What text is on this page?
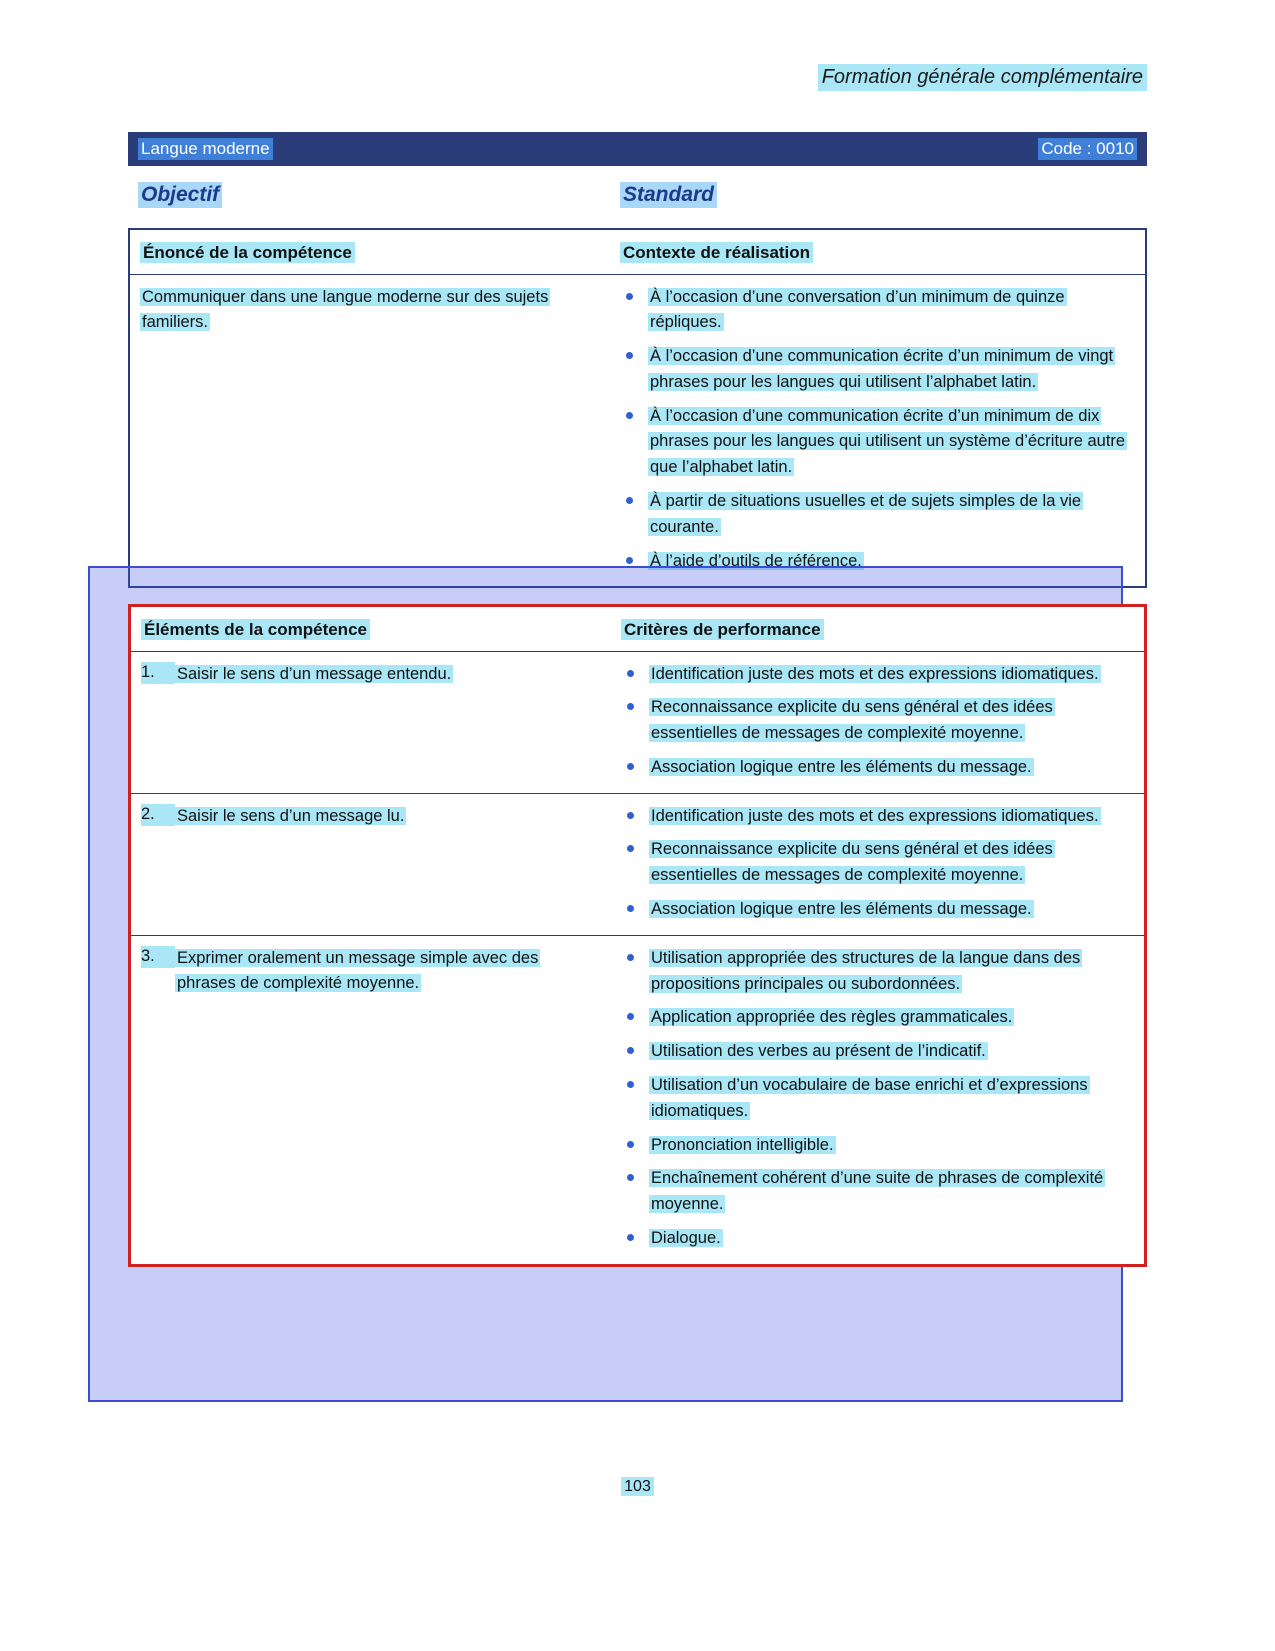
Formation générale complémentaire
Langue moderne	Code : 0010
Objectif	Standard
Énoncé de la compétence	Contexte de réalisation
Communiquer dans une langue moderne sur des sujets familiers.
À l’occasion d’une conversation d’un minimum de quinze répliques.
À l’occasion d’une communication écrite d’un minimum de vingt phrases pour les langues qui utilisent l’alphabet latin.
À l’occasion d’une communication écrite d’un minimum de dix phrases pour les langues qui utilisent un système d’écriture autre que l’alphabet latin.
À partir de situations usuelles et de sujets simples de la vie courante.
À l’aide d’outils de référence.
Éléments de la compétence	Critères de performance
1.	Saisir le sens d’un message entendu.	Identification juste des mots et des expressions idiomatiques.
Reconnaissance explicite du sens général et des idées essentielles de messages de complexité moyenne.
Association logique entre les éléments du message.
2.	Saisir le sens d’un message lu.	Identification juste des mots et des expressions idiomatiques.
Reconnaissance explicite du sens général et des idées essentielles de messages de complexité moyenne.
Association logique entre les éléments du message.
3.	Exprimer oralement un message simple avec des phrases de complexité moyenne.
Utilisation appropriée des structures de la langue dans des propositions principales ou subordonnées.
Application appropriée des règles grammaticales.
Utilisation des verbes au présent de l’indicatif.
Utilisation d’un vocabulaire de base enrichi et d’expressions idiomatiques.
Prononciation intelligible.
Enchaînement cohérent d’une suite de phrases de complexité moyenne.
Dialogue.
103
